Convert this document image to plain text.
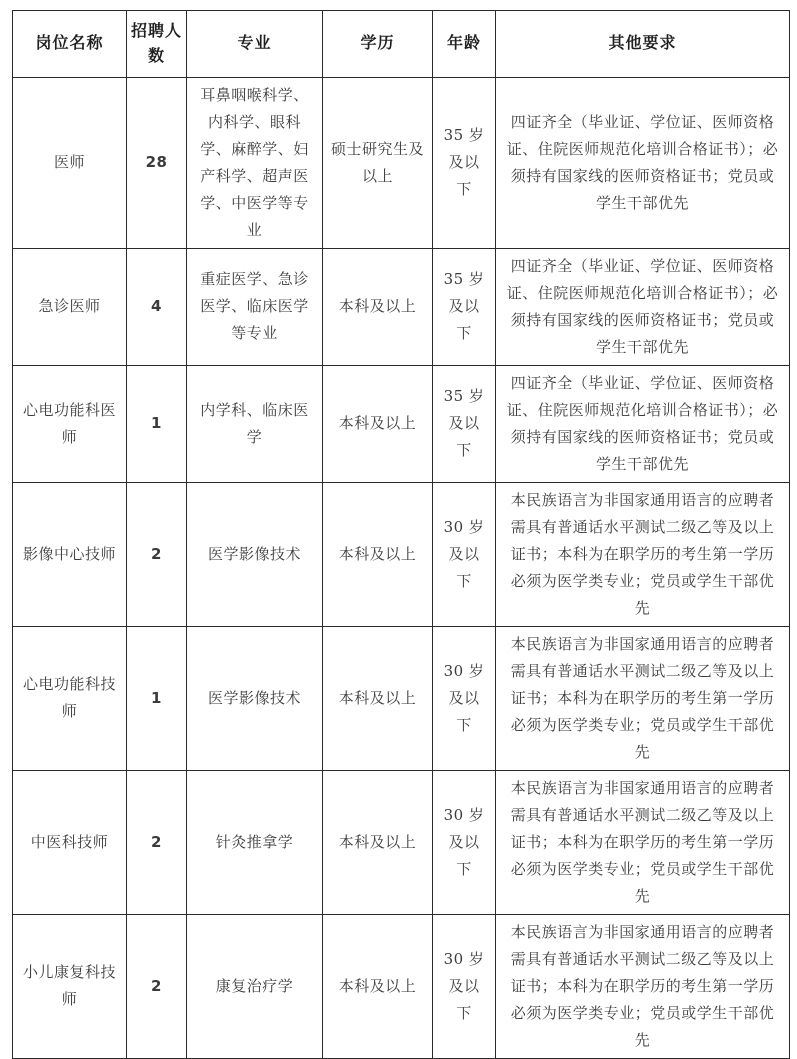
岗位名称	招聘人数	专业	学历	年龄	其他要求
医师	28	耳鼻咽喉科学、内科学、眼科学、麻醉学、妇产科学、超声医学、中医学等专业	硕士研究生及以上	35 岁及以下	四证齐全（毕业证、学位证、医师资格证、住院医师规范化培训合格证书）；必须持有国家线的医师资格证书；党员或学生干部优先
急诊医师	4	重症医学、急诊医学、临床医学等专业	本科及以上	35 岁及以下	四证齐全（毕业证、学位证、医师资格证、住院医师规范化培训合格证书）；必须持有国家线的医师资格证书；党员或学生干部优先
心电功能科医师	1	内学科、临床医学	本科及以上	35 岁及以下	四证齐全（毕业证、学位证、医师资格证、住院医师规范化培训合格证书）；必须持有国家线的医师资格证书；党员或学生干部优先
影像中心技师	2	医学影像技术	本科及以上	30 岁及以下	本民族语言为非国家通用语言的应聘者需具有普通话水平测试二级乙等及以上证书；本科为在职学历的考生第一学历必须为医学类专业；党员或学生干部优先
心电功能科技师	1	医学影像技术	本科及以上	30 岁及以下	本民族语言为非国家通用语言的应聘者需具有普通话水平测试二级乙等及以上证书；本科为在职学历的考生第一学历必须为医学类专业；党员或学生干部优先
中医科技师	2	针灸推拿学	本科及以上	30 岁及以下	本民族语言为非国家通用语言的应聘者需具有普通话水平测试二级乙等及以上证书；本科为在职学历的考生第一学历必须为医学类专业；党员或学生干部优先
小儿康复科技师	2	康复治疗学	本科及以上	30 岁及以下	本民族语言为非国家通用语言的应聘者需具有普通话水平测试二级乙等及以上证书；本科为在职学历的考生第一学历必须为医学类专业；党员或学生干部优先
